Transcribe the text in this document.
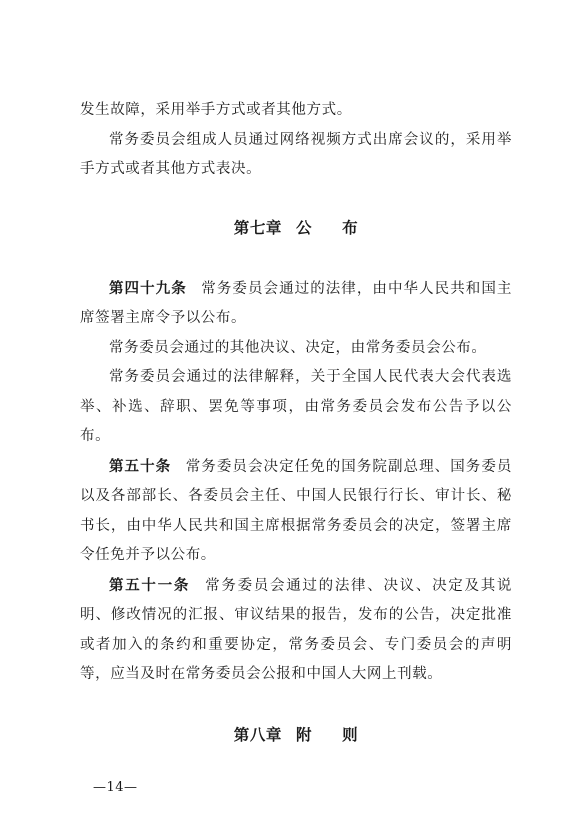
发生故障，采用举手方式或者其他方式。

常务委员会组成人员通过网络视频方式出席会议的，采用举手方式或者其他方式表决。

第七章 公 布

第四十九条 常务委员会通过的法律，由中华人民共和国主席签署主席令予以公布。

常务委员会通过的其他决议、决定，由常务委员会公布。

常务委员会通过的法律解释，关于全国人民代表大会代表选举、补选、辞职、罢免等事项，由常务委员会发布公告予以公布。

第五十条 常务委员会决定任免的国务院副总理、国务委员以及各部部长、各委员会主任、中国人民银行行长、审计长、秘书长，由中华人民共和国主席根据常务委员会的决定，签署主席令任免并予以公布。

第五十一条 常务委员会通过的法律、决议、决定及其说明、修改情况的汇报、审议结果的报告，发布的公告，决定批准或者加入的条约和重要协定，常务委员会、专门委员会的声明等，应当及时在常务委员会公报和中国人大网上刊载。

第八章 附 则
—14—
